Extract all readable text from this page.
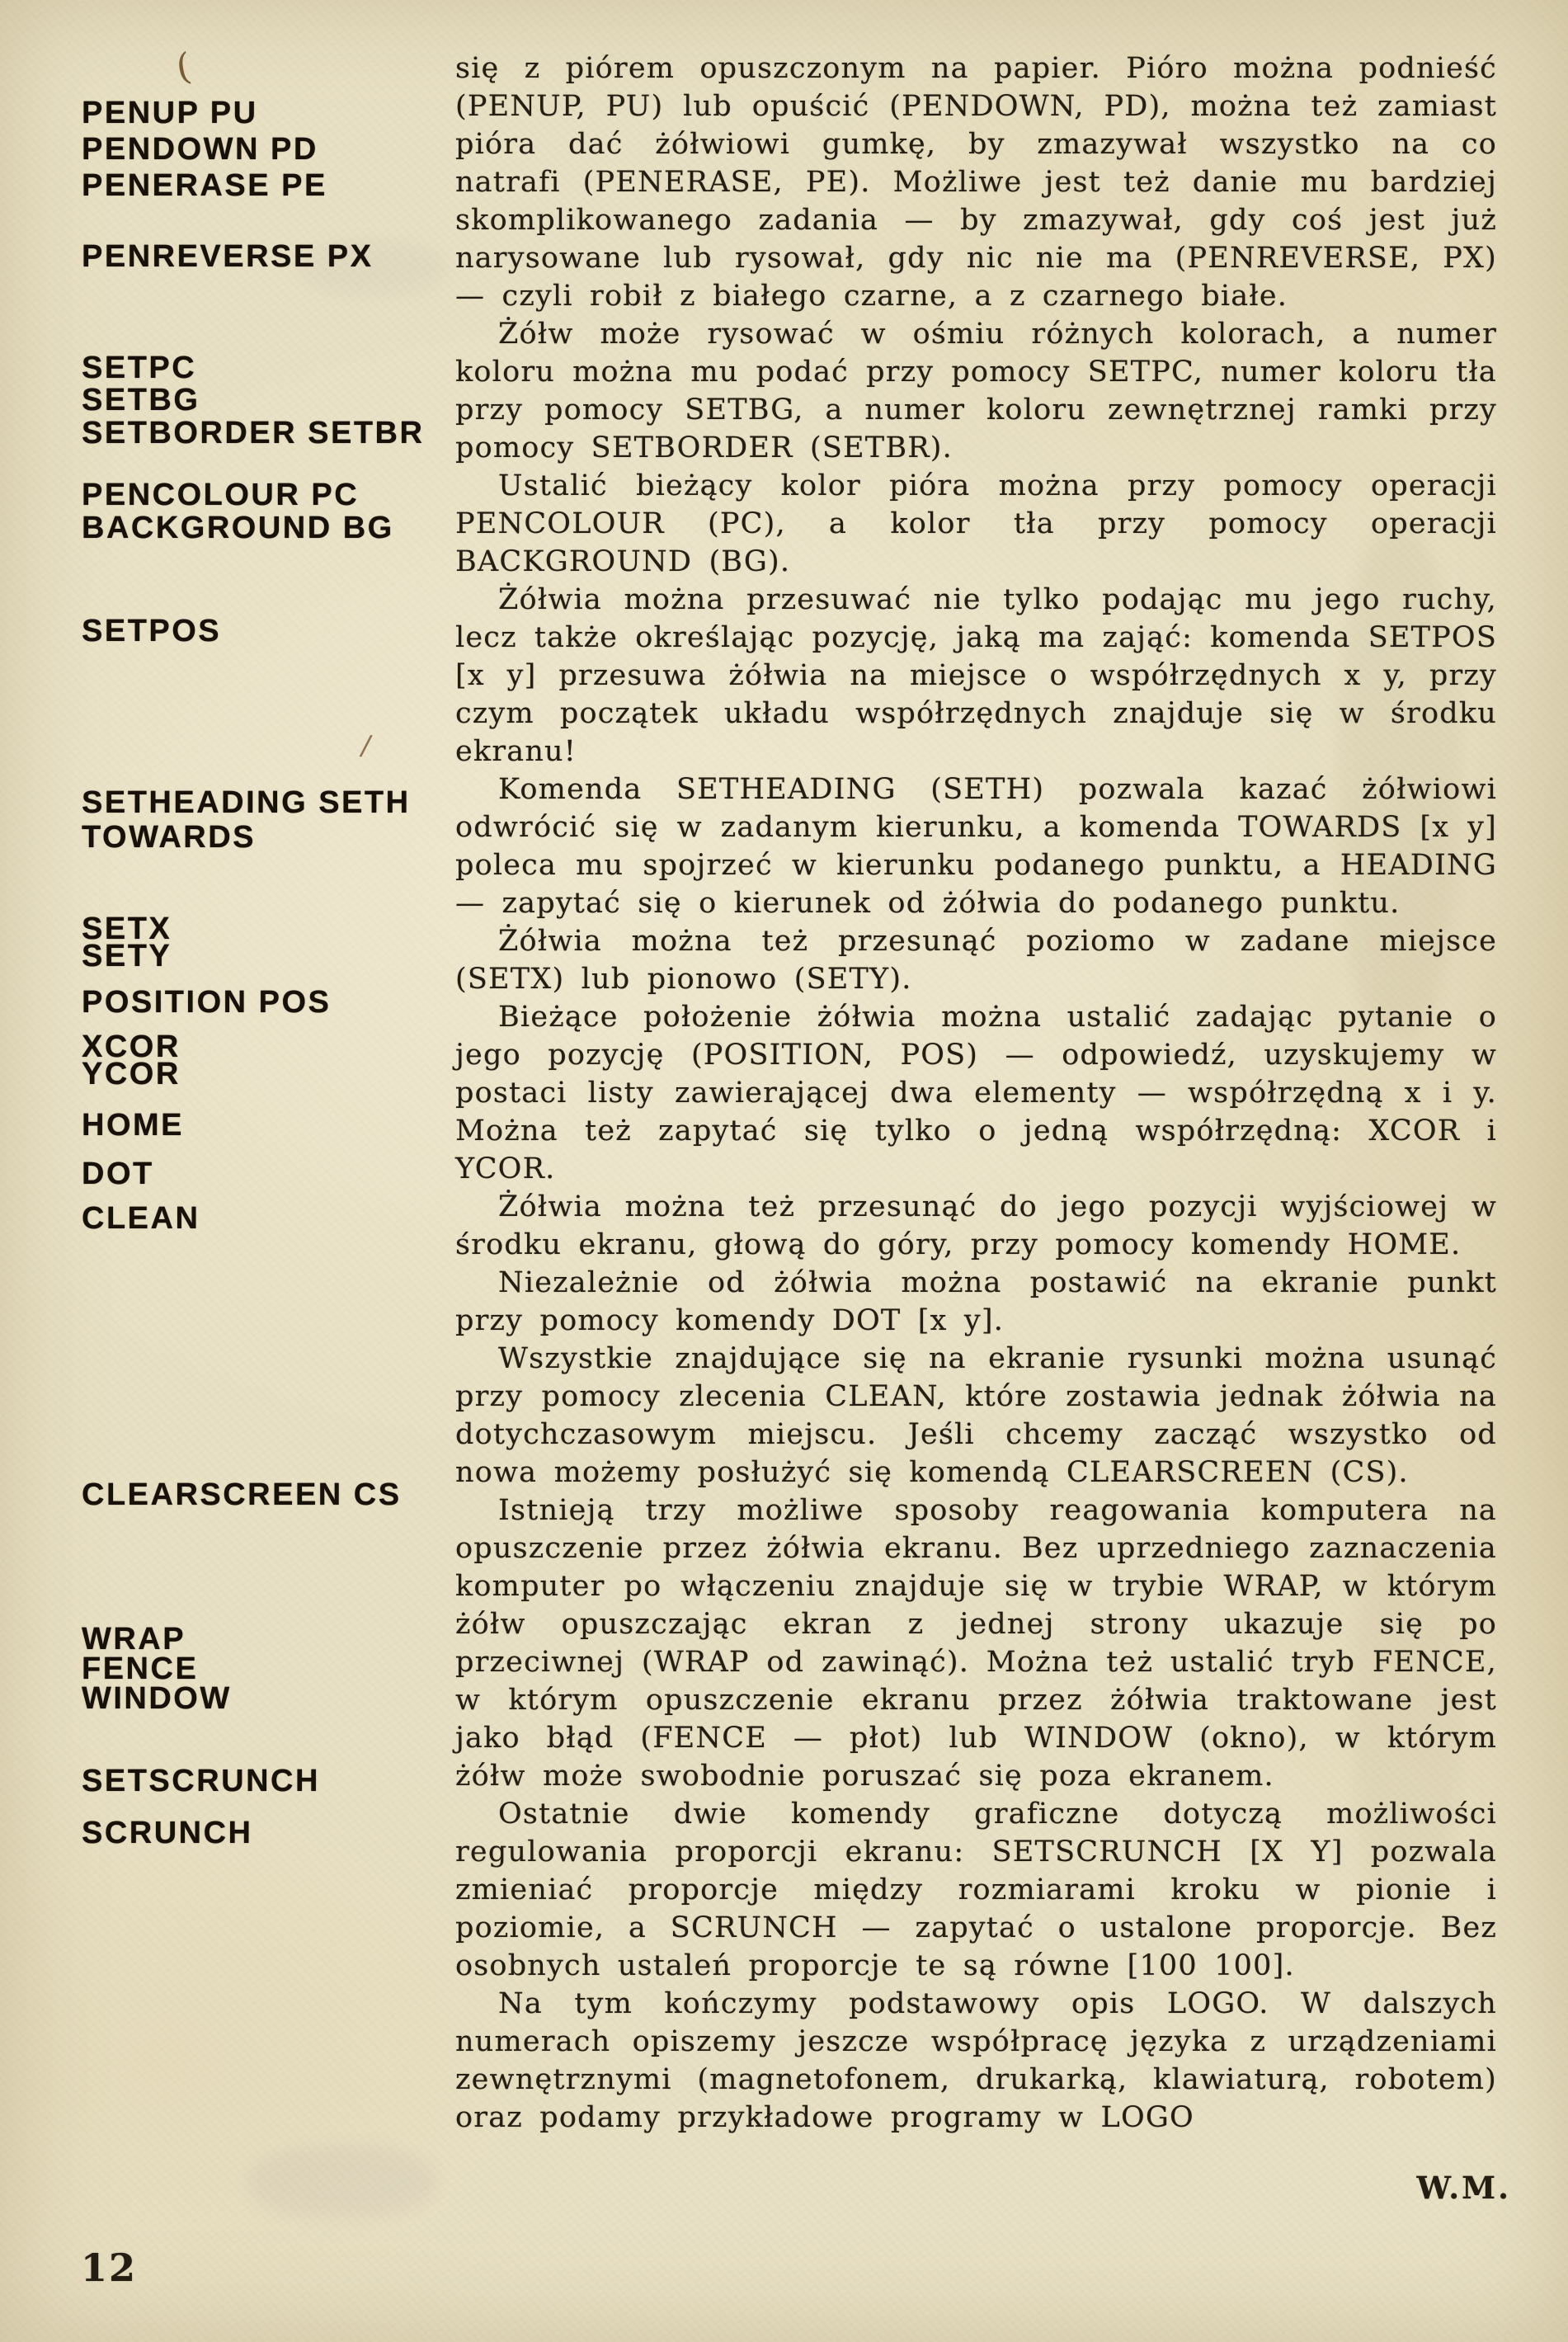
(
/
PENUP PU
PENDOWN PD
PENERASE PE
PENREVERSE PX
SETPC
SETBG
SETBORDER SETBR
PENCOLOUR PC
BACKGROUND BG
SETPOS
SETHEADING SETH
TOWARDS
SETX
SETY
POSITION POS
XCOR
YCOR
HOME
DOT
CLEAN
CLEARSCREEN CS
WRAP
FENCE
WINDOW
SETSCRUNCH
SCRUNCH

się z piórem opuszczonym na papier. Pióro można podnieść (PENUP, PU) lub opuścić (PENDOWN, PD), można też zamiast pióra dać żółwiowi gumkę, by zmazywał wszystko na co natrafi (PENERASE, PE). Możliwe jest też danie mu bardziej skomplikowanego zadania — by zmazywał, gdy coś jest już narysowane lub rysował, gdy nic nie ma (PENREVERSE, PX) — czyli robił z białego czarne, a z czarnego białe.

Żółw może rysować w ośmiu różnych kolorach, a numer koloru można mu podać przy pomocy SETPC, numer koloru tła przy pomocy SETBG, a numer koloru zewnętrznej ramki przy pomocy SETBORDER (SETBR).

Ustalić bieżący kolor pióra można przy pomocy operacji PENCOLOUR (PC), a kolor tła przy pomocy operacji BACKGROUND (BG).

Żółwia można przesuwać nie tylko podając mu jego ruchy, lecz także określając pozycję, jaką ma zająć: komenda SETPOS [x y] przesuwa żółwia na miejsce o współrzędnych x y, przy czym początek układu współrzędnych znajduje się w środku ekranu!

Komenda SETHEADING (SETH) pozwala kazać żółwiowi odwrócić się w zadanym kierunku, a komenda TOWARDS [x y] poleca mu spojrzeć w kierunku podanego punktu, a HEADING — zapytać się o kierunek od żółwia do podanego punktu.

Żółwia można też przesunąć poziomo w zadane miejsce (SETX) lub pionowo (SETY).

Bieżące położenie żółwia można ustalić zadając pytanie o jego pozycję (POSITION, POS) — odpowiedź, uzyskujemy w postaci listy zawierającej dwa elementy — współrzędną x i y. Można też zapytać się tylko o jedną współrzędną: XCOR i YCOR.

Żółwia można też przesunąć do jego pozycji wyjściowej w środku ekranu, głową do góry, przy pomocy komendy HOME.

Niezależnie od żółwia można postawić na ekranie punkt przy pomocy komendy DOT [x y].

Wszystkie znajdujące się na ekranie rysunki można usunąć przy pomocy zlecenia CLEAN, które zostawia jednak żółwia na dotychczasowym miejscu. Jeśli chcemy zacząć wszystko od nowa możemy posłużyć się komendą CLEARSCREEN (CS).

Istnieją trzy możliwe sposoby reagowania komputera na opuszczenie przez żółwia ekranu. Bez uprzedniego zaznaczenia komputer po włączeniu znajduje się w trybie WRAP, w którym żółw opuszczając ekran z jednej strony ukazuje się po przeciwnej (WRAP od zawinąć). Można też ustalić tryb FENCE, w którym opuszczenie ekranu przez żółwia traktowane jest jako błąd (FENCE — płot) lub WINDOW (okno), w którym żółw może swobodnie poruszać się poza ekranem.

Ostatnie dwie komendy graficzne dotyczą możliwości regulowania proporcji ekranu: SETSCRUNCH [X Y] pozwala zmieniać proporcje między rozmiarami kroku w pionie i poziomie, a SCRUNCH — zapytać o ustalone proporcje. Bez osobnych ustaleń proporcje te są równe [100 100].

Na tym kończymy podstawowy opis LOGO. W dalszych numerach opiszemy jeszcze współpracę języka z urządzeniami zewnętrznymi (magnetofonem, drukarką, klawiaturą, robotem) oraz podamy przykładowe programy w LOGO

W.M.
12
